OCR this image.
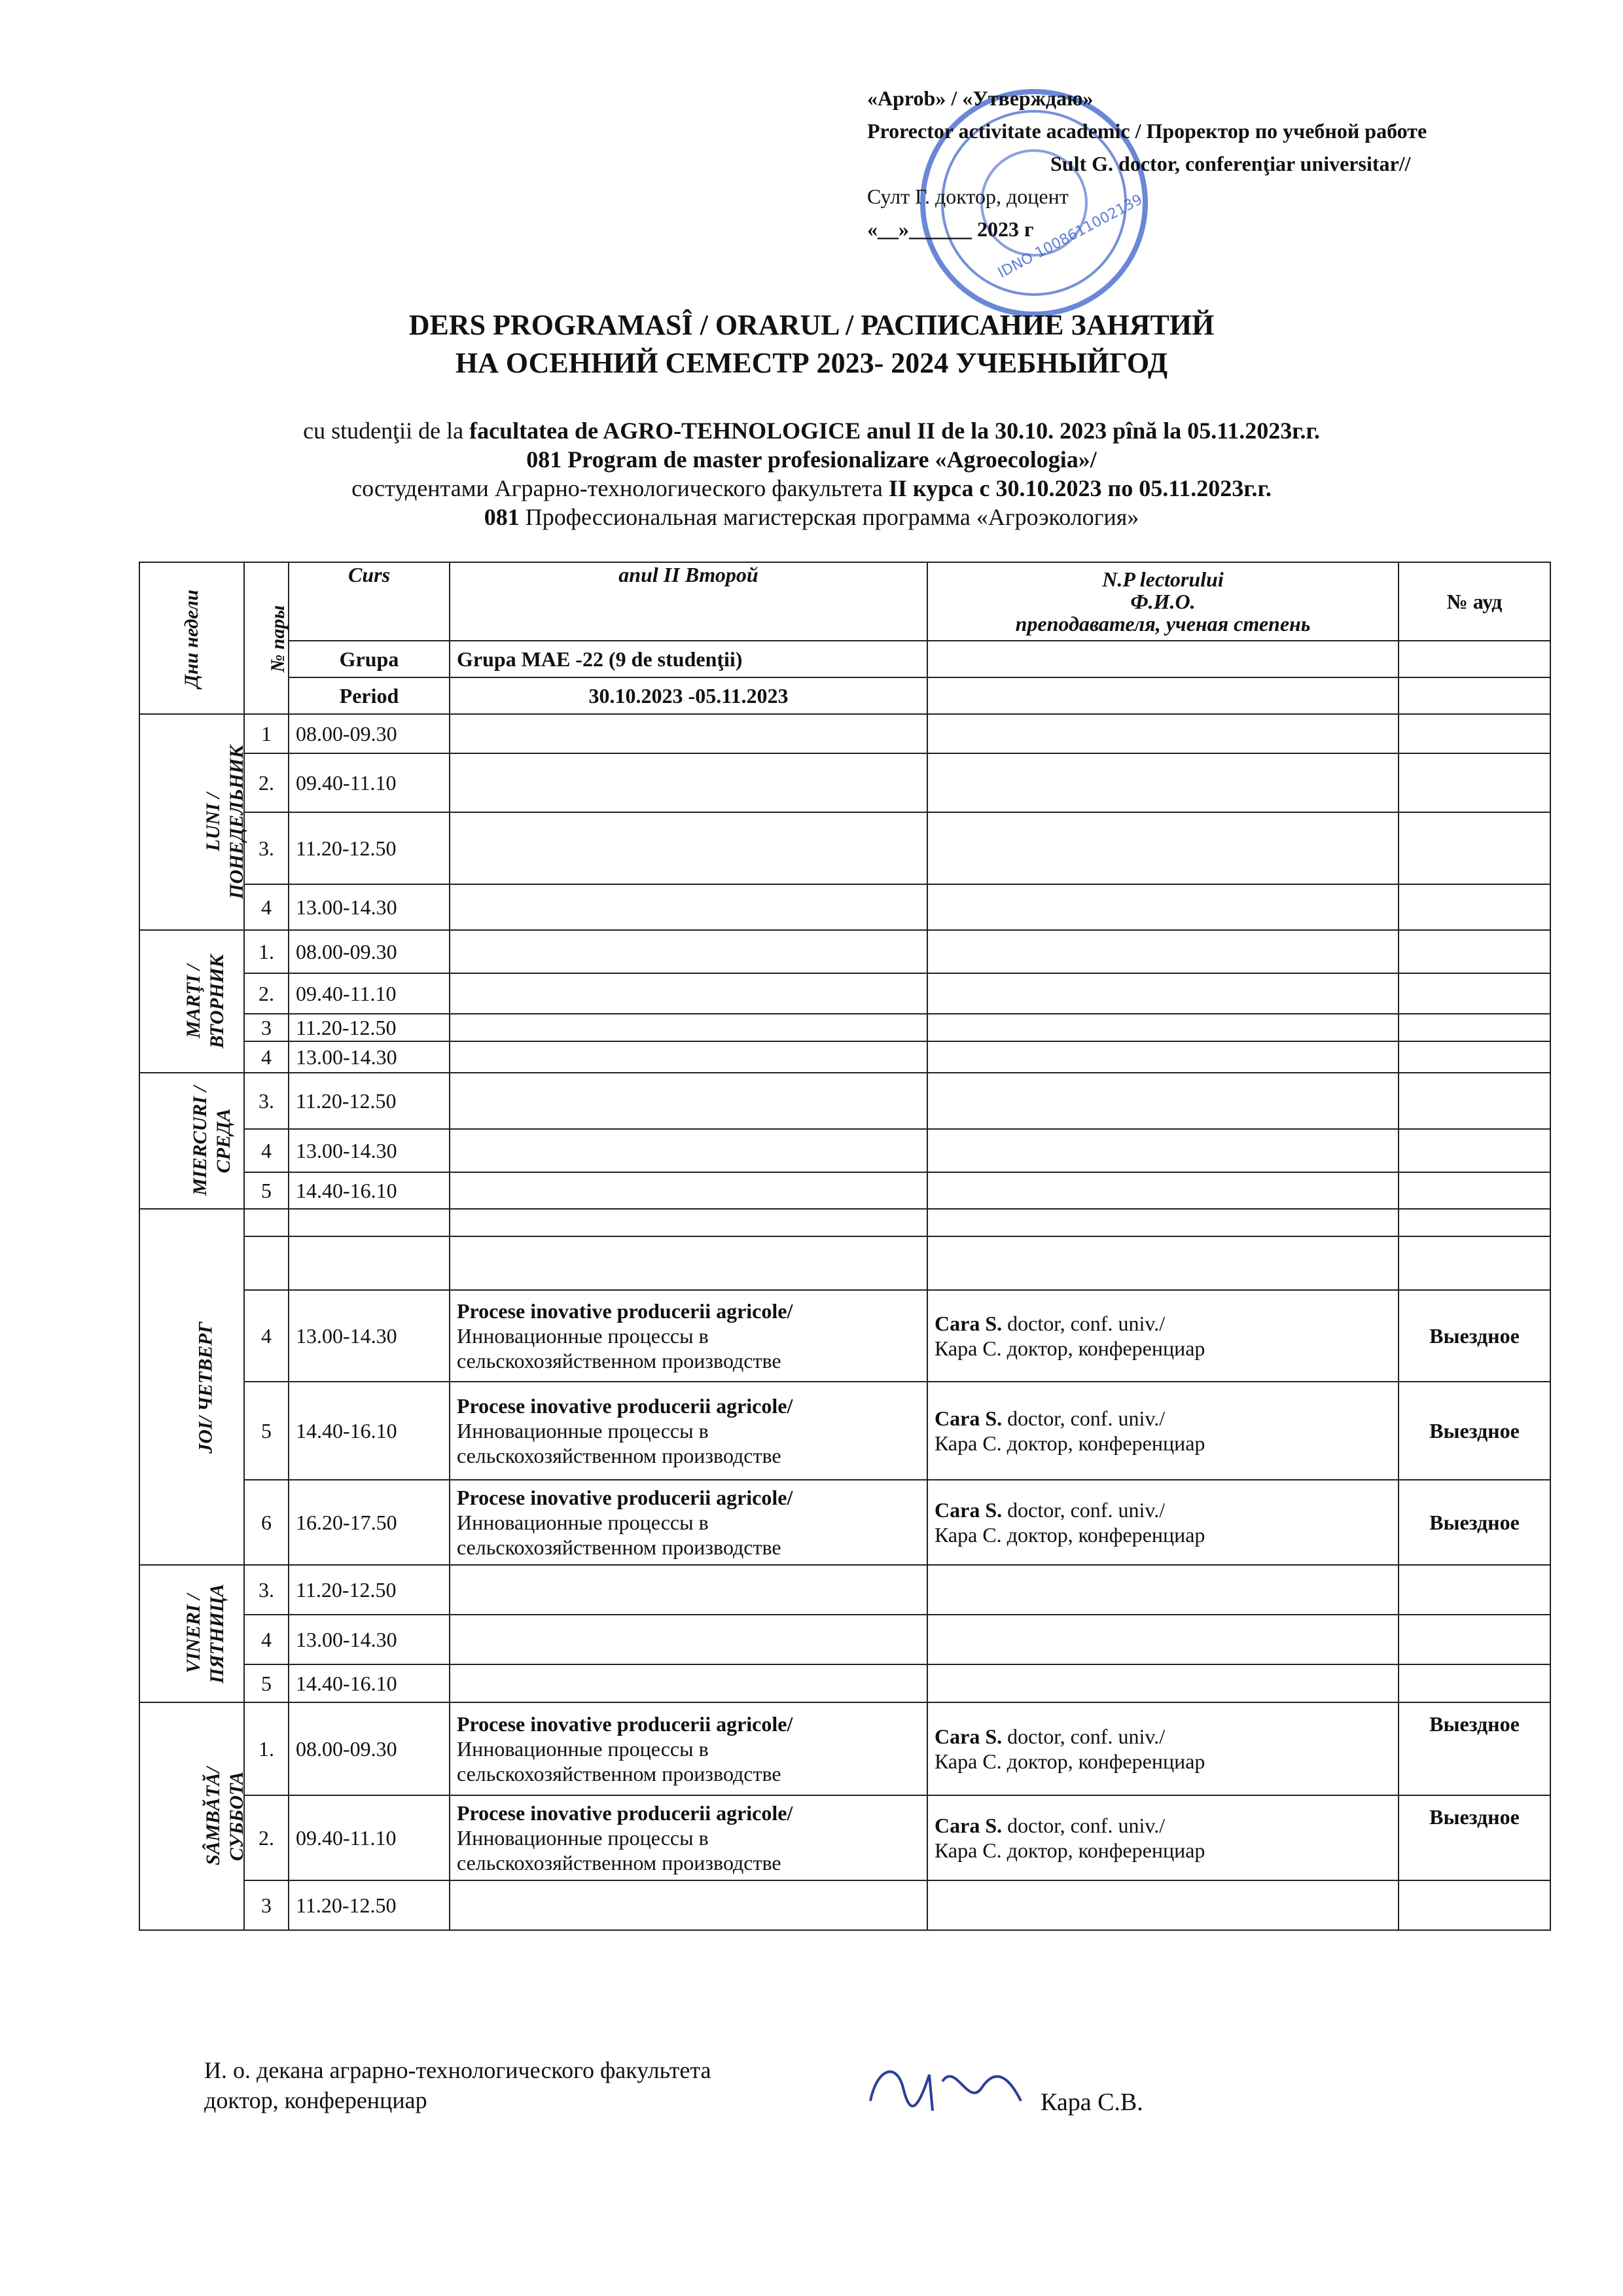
IDNO 1008611002139
«Aprob» / «Утверждаю»
Prorector activitate academic / Проректор по учебной работе
Sult G. doctor, conferenţiar universitar//
Султ Г. доктор, доцент
«__»______ 2023 г
DERS PROGRAMASÎ / ORARUL / РАСПИСАНИЕ ЗАНЯТИЙ
НА ОСЕННИЙ СЕМЕСТР 2023- 2024 УЧЕБНЫЙГОД
cu studenţii de la facultatea de AGRO-TEHNOLOGICE anul II de la 30.10. 2023 pînă la 05.11.2023г.г.
081 Program de master profesionalizare «Agroecologia»/
состудентами Аграрно-технологического факультета II курса с 30.10.2023 по 05.11.2023г.г.
081 Профессиональная магистерская программа «Агроэкология»
Дни недели	№ пары	Curs	anul II Второй	N.P lectorului
Ф.И.О.
преподавателя, ученая степень	№ ауд
		Grupa	Grupa MAE -22 (9 de studenţii)		
		Period	30.10.2023 -05.11.2023		
LUNI / ПОНЕДЕЛЬНИК	1	08.00-09.30			
	2.	09.40-11.10			
	3.	11.20-12.50			
	4	13.00-14.30			
MARŢI / ВТОРНИК	1.	08.00-09.30			
	2.	09.40-11.10			
	3	11.20-12.50			
	4	13.00-14.30			
MIERCURI / СРЕДА	3.	11.20-12.50			
	4	13.00-14.30			
	5	14.40-16.10			
JOI/ ЧЕТВЕРГ					

	4	13.00-14.30	Procese inovative producerii agricole/
Инновационные процессы в
сельскохозяйственном производстве	Cara S. doctor, conf. univ./
Кара С. доктор, конференциар	Выездное
	5	14.40-16.10	Procese inovative producerii agricole/
Инновационные процессы в
сельскохозяйственном производстве	Cara S. doctor, conf. univ./
Кара С. доктор, конференциар	Выездное
	6	16.20-17.50	Procese inovative producerii agricole/
Инновационные процессы в
сельскохозяйственном производстве	Cara S. doctor, conf. univ./
Кара С. доктор, конференциар	Выездное
VINERI / ПЯТНИЦА	3.	11.20-12.50			
	4	13.00-14.30			
	5	14.40-16.10			
SÂMBĂTĂ/ СУББОТА	1.	08.00-09.30	Procese inovative producerii agricole/
Инновационные процессы в
сельскохозяйственном производстве	Cara S. doctor, conf. univ./
Кара С. доктор, конференциар	Выездное
	2.	09.40-11.10	Procese inovative producerii agricole/
Инновационные процессы в
сельскохозяйственном производстве	Cara S. doctor, conf. univ./
Кара С. доктор, конференциар	Выездное
	3	11.20-12.50			
И. о. декана аграрно-технологического факультета
доктор, конференциар	Кара С.В.
